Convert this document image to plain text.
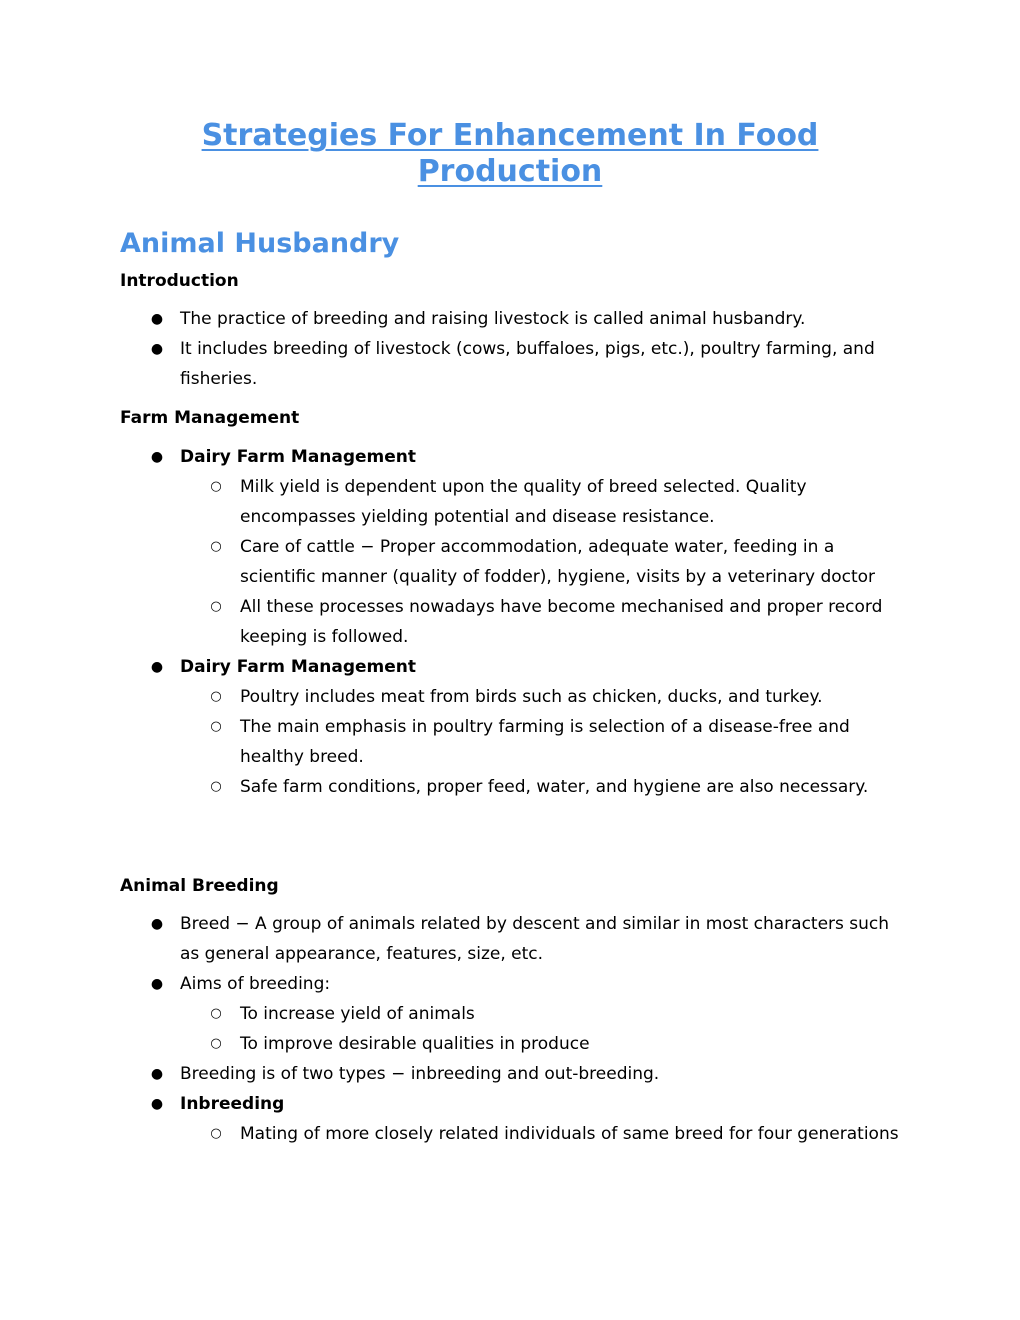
Strategies For Enhancement In Food Production
Animal Husbandry
Introduction
● The practice of breeding and raising livestock is called animal husbandry.
● It includes breeding of livestock (cows, buffaloes, pigs, etc.), poultry farming, and fisheries.
Farm Management
● Dairy Farm Management
○ Milk yield is dependent upon the quality of breed selected. Quality encompasses yielding potential and disease resistance.
○ Care of cattle − Proper accommodation, adequate water, feeding in a scientific manner (quality of fodder), hygiene, visits by a veterinary doctor
○ All these processes nowadays have become mechanised and proper record keeping is followed.
● Dairy Farm Management
○ Poultry includes meat from birds such as chicken, ducks, and turkey.
○ The main emphasis in poultry farming is selection of a disease-free and healthy breed.
○ Safe farm conditions, proper feed, water, and hygiene are also necessary.
Animal Breeding
● Breed − A group of animals related by descent and similar in most characters such as general appearance, features, size, etc.
● Aims of breeding:
○ To increase yield of animals
○ To improve desirable qualities in produce
● Breeding is of two types − inbreeding and out-breeding.
● Inbreeding
○ Mating of more closely related individuals of same breed for four generations
